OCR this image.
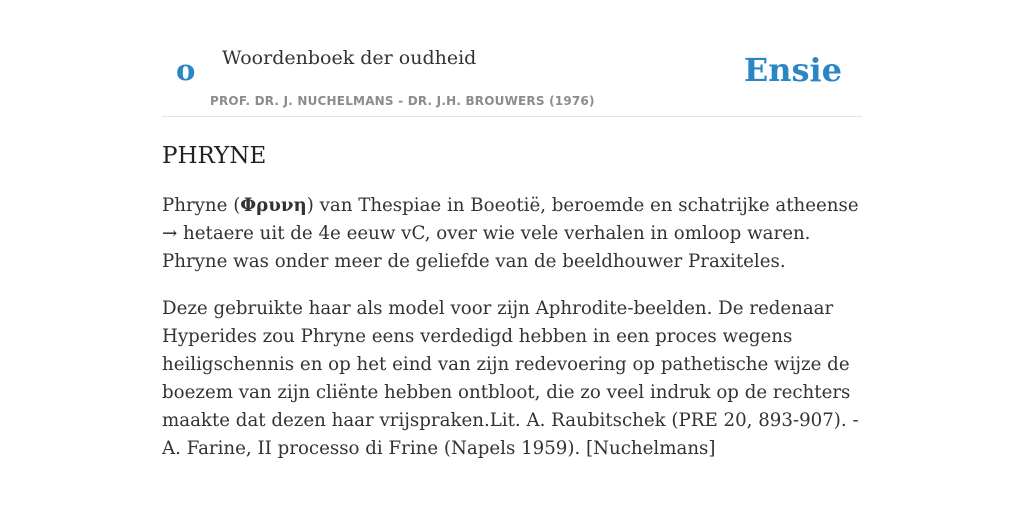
o Woordenboek der oudheid	Ensie
PROF. DR. J. NUCHELMANS - DR. J.H. BROUWERS (1976)
PHRYNE

Phryne (Φρυνη) van Thespiae in Boeotië, beroemde en schatrijke atheense → hetaere uit de 4e eeuw vC, over wie vele verhalen in omloop waren. Phryne was onder meer de geliefde van de beeldhouwer Praxiteles.

Deze gebruikte haar als model voor zijn Aphrodite-beelden. De redenaar Hyperides zou Phryne eens verdedigd hebben in een proces wegens heiligschennis en op het eind van zijn redevoering op pathetische wijze de boezem van zijn cliënte hebben ontbloot, die zo veel indruk op de rechters maakte dat dezen haar vrijspraken.Lit. A. Raubitschek (PRE 20, 893-907). - A. Farine, II processo di Frine (Napels 1959). [Nuchelmans]
